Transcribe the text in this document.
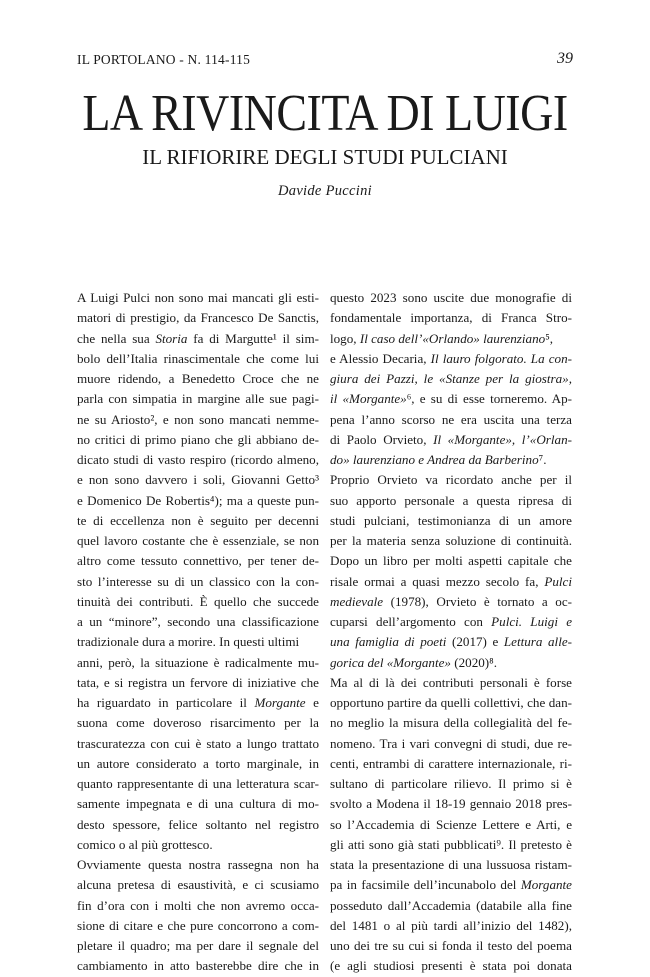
IL PORTOLANO - N. 114-115	39
LA RIVINCITA DI LUIGI
IL RIFIORIRE DEGLI STUDI PULCIANI
Davide Puccini
A Luigi Pulci non sono mai mancati gli esti-
matori di prestigio, da Francesco De Sanctis,
che nella sua Storia fa di Margutte¹ il sim-
bolo dell’Italia rinascimentale che come lui
muore ridendo, a Benedetto Croce che ne
parla con simpatia in margine alle sue pagi-
ne su Ariosto², e non sono mancati nemme-
no critici di primo piano che gli abbiano de-
dicato studi di vasto respiro (ricordo almeno,
e non sono davvero i soli, Giovanni Getto³
e Domenico De Robertis⁴); ma a queste pun-
te di eccellenza non è seguito per decenni
quel lavoro costante che è essenziale, se non
altro come tessuto connettivo, per tener de-
sto l’interesse su di un classico con la con-
tinuità dei contributi. È quello che succede
a un “minore”, secondo una classificazione
tradizionale dura a morire. In questi ultimi
anni, però, la situazione è radicalmente mu-
tata, e si registra un fervore di iniziative che
ha riguardato in particolare il Morgante e
suona come doveroso risarcimento per la
trascuratezza con cui è stato a lungo trattato
un autore considerato a torto marginale, in
quanto rappresentante di una letteratura scar-
samente impegnata e di una cultura di mo-
desto spessore, felice soltanto nel registro
comico o al più grottesco.
Ovviamente questa nostra rassegna non ha
alcuna pretesa di esaustività, e ci scusiamo
fin d’ora con i molti che non avremo occa-
sione di citare e che pure concorrono a com-
pletare il quadro; ma per dare il segnale del
cambiamento in atto basterebbe dire che in
questo 2023 sono uscite due monografie di
fondamentale importanza, di Franca Stro-
logo, Il caso dell’«Orlando» laurenziano⁵,
e Alessio Decaria, Il lauro folgorato. La con-
giura dei Pazzi, le «Stanze per la giostra»,
il «Morgante»⁶, e su di esse torneremo. Ap-
pena l’anno scorso ne era uscita una terza
di Paolo Orvieto, Il «Morgante», l’«Orlan-
do» laurenziano e Andrea da Barberino⁷.
Proprio Orvieto va ricordato anche per il
suo apporto personale a questa ripresa di
studi pulciani, testimonianza di un amore
per la materia senza soluzione di continuità.
Dopo un libro per molti aspetti capitale che
risale ormai a quasi mezzo secolo fa, Pulci
medievale (1978), Orvieto è tornato a oc-
cuparsi dell’argomento con Pulci. Luigi e
una famiglia di poeti (2017) e Lettura alle-
gorica del «Morgante» (2020)⁸.
Ma al di là dei contributi personali è forse
opportuno partire da quelli collettivi, che dan-
no meglio la misura della collegialità del fe-
nomeno. Tra i vari convegni di studi, due re-
centi, entrambi di carattere internazionale, ri-
sultano di particolare rilievo. Il primo si è
svolto a Modena il 18-19 gennaio 2018 pres-
so l’Accademia di Scienze Lettere e Arti, e
gli atti sono già stati pubblicati⁹. Il pretesto è
stata la presentazione di una lussuosa ristam-
pa in facsimile dell’incunabolo del Morgante
posseduto dall’Accademia (databile alla fine
del 1481 o al più tardi all’inizio del 1482),
uno dei tre su cui si fonda il testo del poema
(e agli studiosi presenti è stata poi donata
